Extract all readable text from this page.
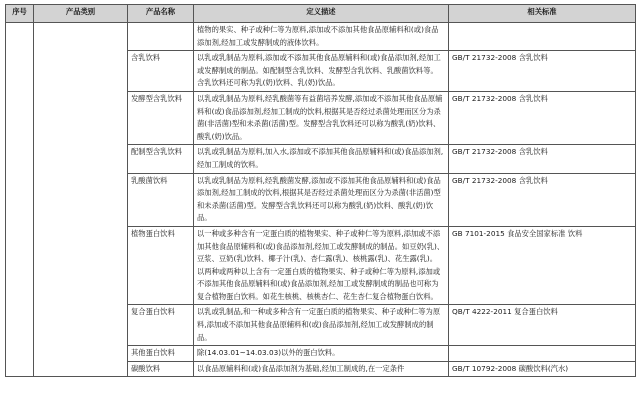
序号	产品类别	产品名称	定义描述	相关标准

			植物的果实、种子或种仁等为原料,添加或不添加其他食品原辅料和(或)食品添加剂,经加工或发酵制成的液体饮料。	

		含乳饮料	以乳或乳制品为原料,添加或不添加其他食品原辅料和(或)食品添加剂,经加工或发酵制成的制品。如配制型含乳饮料、发酵型含乳饮料、乳酸菌饮料等。含乳饮料还可称为乳(奶)饮料、乳(奶)饮品。	GB/T 21732-2008 含乳饮料
		发酵型含乳饮料	以乳或乳制品为原料,经乳酸菌等有益菌培养发酵,添加或不添加其他食品原辅料和(或)食品添加剂,经加工制成的饮料,根据其是否经过杀菌处理而区分为杀菌(非活菌)型和未杀菌(活菌)型。发酵型含乳饮料还可以称为酸乳(奶)饮料、酸乳(奶)饮品。	GB/T 21732-2008 含乳饮料
		配制型含乳饮料	以乳或乳制品为原料,加入水,添加或不添加其他食品原辅料和(或)食品添加剂,经加工制成的饮料。	GB/T 21732-2008 含乳饮料
		乳酸菌饮料	以乳或乳制品为原料,经乳酸菌发酵,添加或不添加其他食品原辅料和(或)食品添加剂,经加工制成的饮料,根据其是否经过杀菌处理而区分为杀菌(非活菌)型和未杀菌(活菌)型。发酵型含乳饮料还可以称为酸乳(奶)饮料、酸乳(奶)饮品。	GB/T 21732-2008 含乳饮料
		植物蛋白饮料	以一种或多种含有一定蛋白质的植物果实、种子或种仁等为原料,添加或不添加其他食品原辅料和(或)食品添加剂,经加工或发酵制成的制品。如豆奶(乳)、豆浆、豆奶(乳)饮料、椰子汁(乳)、杏仁露(乳)、核桃露(乳)、花生露(乳)。
以两种或两种以上含有一定蛋白质的植物果实、种子或种仁等为原料,添加或不添加其他食品原辅料和(或)食品添加剂,经加工或发酵制成的制品也可称为复合植物蛋白饮料。如花生核桃、核桃杏仁、花生杏仁复合植物蛋白饮料。	GB 7101-2015 食品安全国家标准 饮料
		复合蛋白饮料	以乳或乳制品,和一种或多种含有一定蛋白质的植物果实、种子或种仁等为原料,添加或不添加其他食品原辅料和(或)食品添加剂,经加工或发酵制成的制品。	QB/T 4222-2011 复合蛋白饮料
		其他蛋白饮料	除(14.03.01~14.03.03)以外的蛋白饮料。	

		碳酸饮料	以食品原辅料和(或)食品添加剂为基础,经加工制成的,在一定条件	GB/T 10792-2008 碳酸饮料(汽水)
